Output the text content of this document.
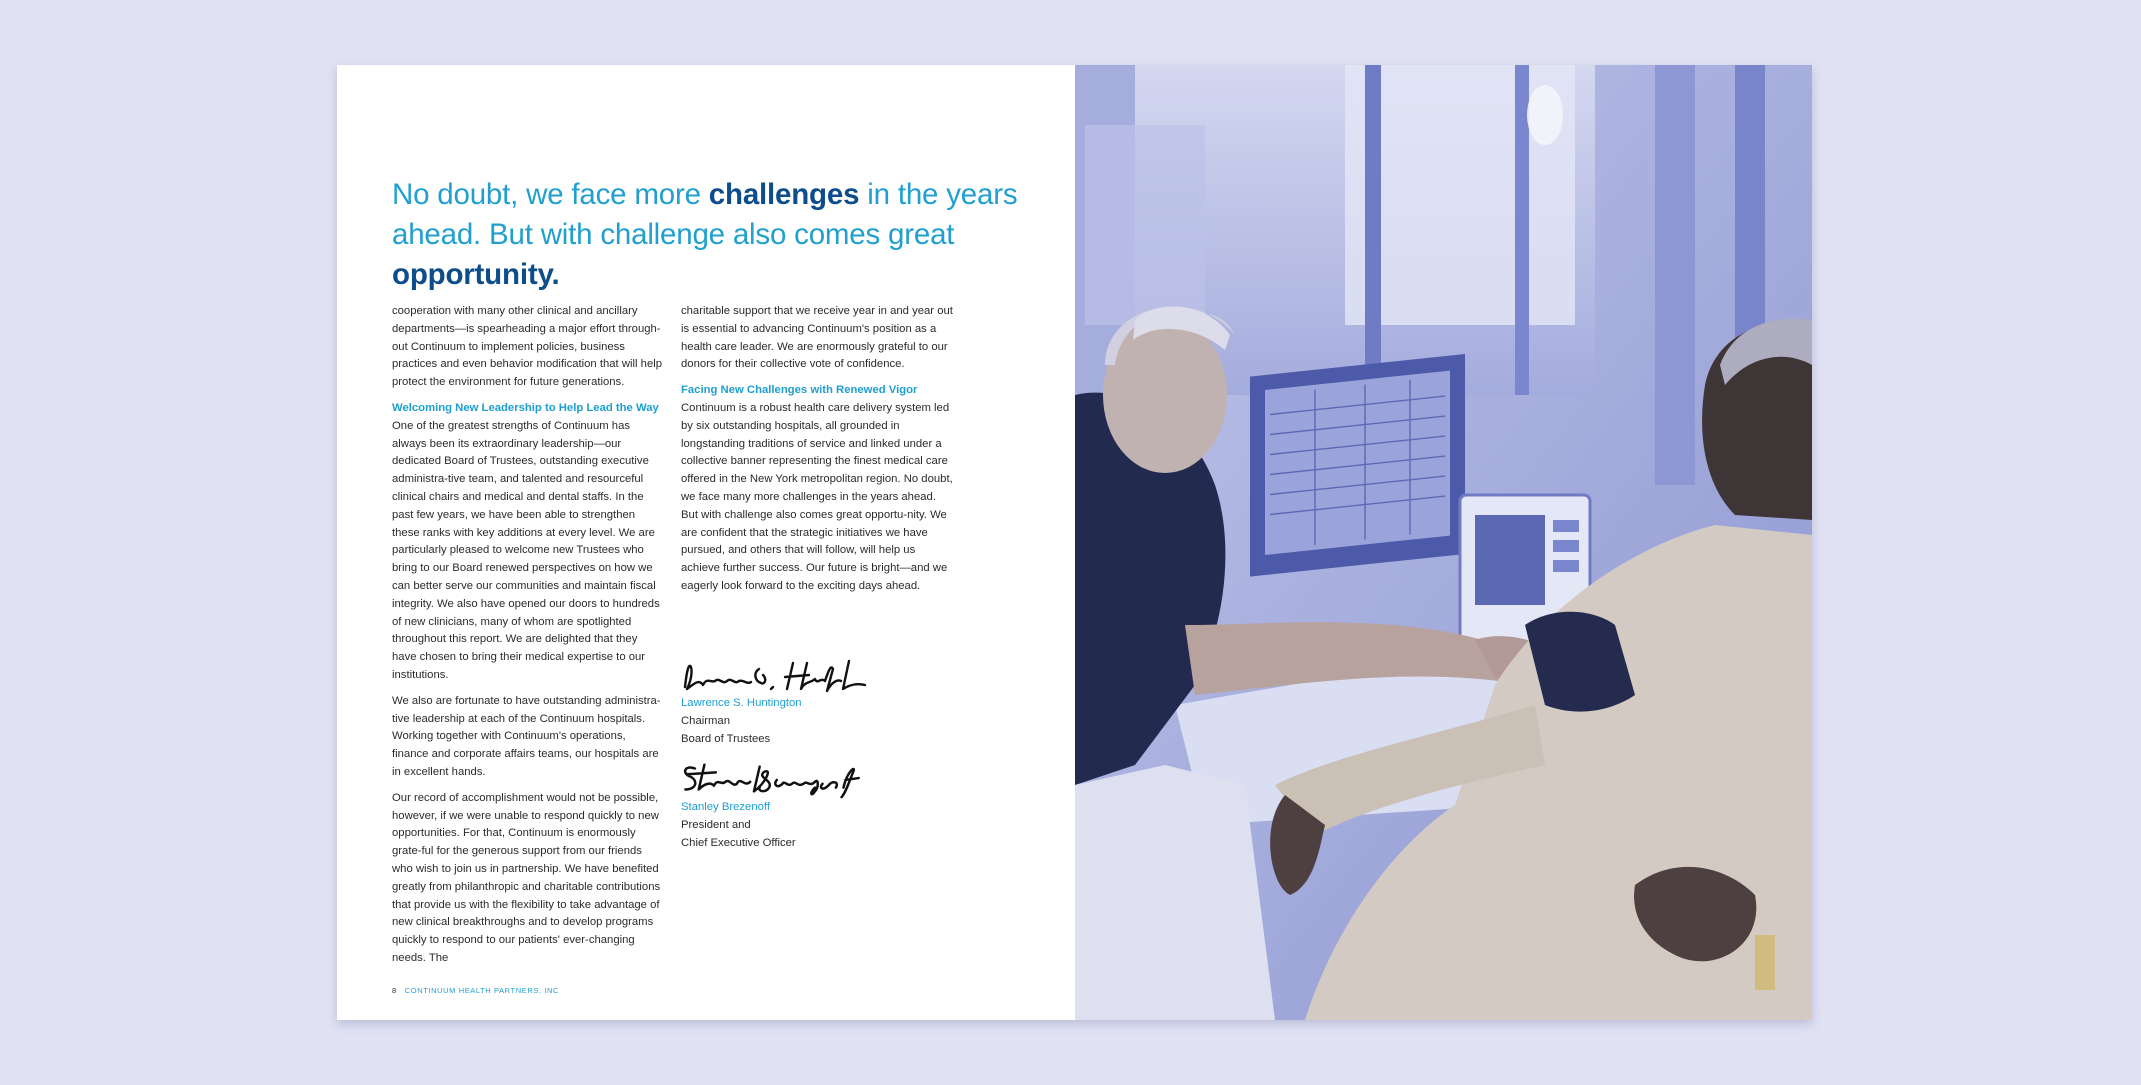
No doubt, we face more challenges in the years ahead. But with challenge also comes great opportunity.

cooperation with many other clinical and ancillary departments—is spearheading a major effort through-out Continuum to implement policies, business practices and even behavior modification that will help protect the environment for future generations.

Welcoming New Leadership to Help Lead the Way

One of the greatest strengths of Continuum has always been its extraordinary leadership—our dedicated Board of Trustees, outstanding executive administra-tive team, and talented and resourceful clinical chairs and medical and dental staffs. In the past few years, we have been able to strengthen these ranks with key additions at every level. We are particularly pleased to welcome new Trustees who bring to our Board renewed perspectives on how we can better serve our communities and maintain fiscal integrity. We also have opened our doors to hundreds of new clinicians, many of whom are spotlighted throughout this report. We are delighted that they have chosen to bring their medical expertise to our institutions.

We also are fortunate to have outstanding administra-tive leadership at each of the Continuum hospitals. Working together with Continuum's operations, finance and corporate affairs teams, our hospitals are in excellent hands.

Our record of accomplishment would not be possible, however, if we were unable to respond quickly to new opportunities. For that, Continuum is enormously grate-ful for the generous support from our friends who wish to join us in partnership. We have benefited greatly from philanthropic and charitable contributions that provide us with the flexibility to take advantage of new clinical breakthroughs and to develop programs quickly to respond to our patients' ever-changing needs. The

charitable support that we receive year in and year out is essential to advancing Continuum's position as a health care leader. We are enormously grateful to our donors for their collective vote of confidence.

Facing New Challenges with Renewed Vigor

Continuum is a robust health care delivery system led by six outstanding hospitals, all grounded in longstanding traditions of service and linked under a collective banner representing the finest medical care offered in the New York metropolitan region. No doubt, we face many more challenges in the years ahead. But with challenge also comes great opportu-nity. We are confident that the strategic initiatives we have pursued, and others that will follow, will help us achieve further success. Our future is bright—and we eagerly look forward to the exciting days ahead.

Lawrence S. Huntington
Chairman
Board of Trustees
Stanley Brezenoff
President and
Chief Executive Officer
8 CONTINUUM HEALTH PARTNERS, INC
